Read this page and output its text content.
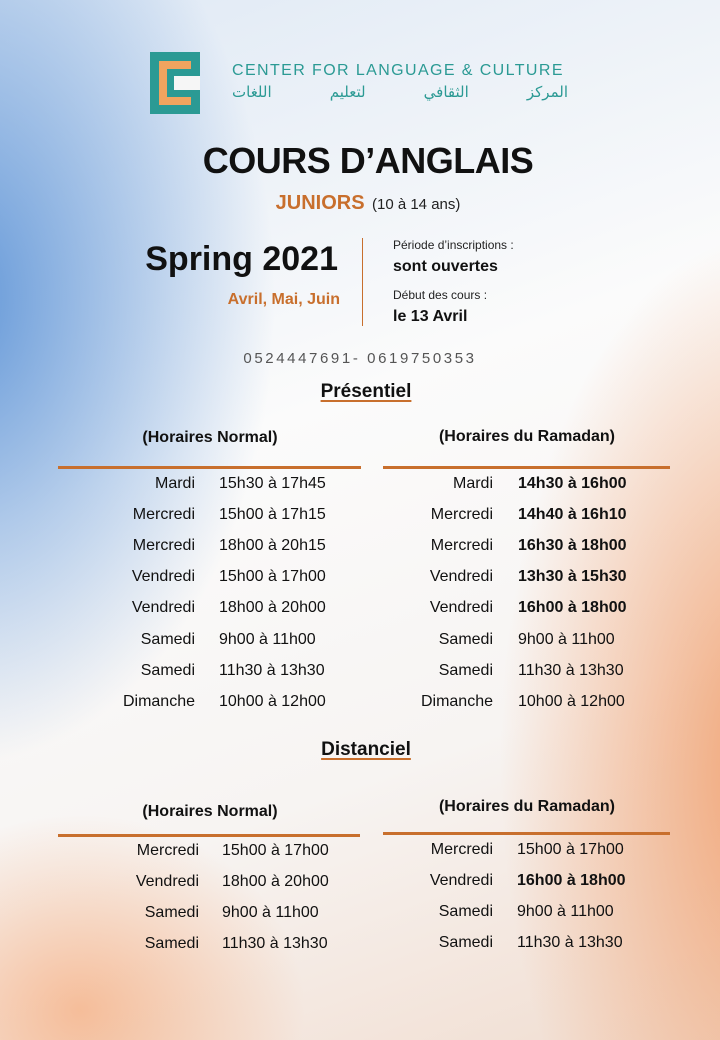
CENTER FOR LANGUAGE & CULTURE
المركز الثقافي لتعليم اللغات
COURS D’ANGLAIS
JUNIORS (10 à 14 ans)
Spring 2021
Avril, Mai, Juin
Période d’inscriptions :
sont ouvertes
Début des cours :
le 13 Avril
0524447691- 0619750353
Présentiel
(Horaires Normal)	(Horaires du Ramadan)
Mardi 15h30 à 17h45
Mercredi 15h00 à 17h15
Mercredi 18h00 à 20h15
Vendredi 15h00 à 17h00
Vendredi 18h00 à 20h00
Samedi 9h00 à 11h00
Samedi 11h30 à 13h30
Dimanche 10h00 à 12h00
Mardi 14h30 à 16h00
Mercredi 14h40 à 16h10
Mercredi 16h30 à 18h00
Vendredi 13h30 à 15h30
Vendredi 16h00 à 18h00
Samedi 9h00 à 11h00
Samedi 11h30 à 13h30
Dimanche 10h00 à 12h00
Distanciel
(Horaires Normal)	(Horaires du Ramadan)
Mercredi 15h00 à 17h00
Vendredi 18h00 à 20h00
Samedi 9h00 à 11h00
Samedi 11h30 à 13h30
Mercredi 15h00 à 17h00
Vendredi 16h00 à 18h00
Samedi 9h00 à 11h00
Samedi 11h30 à 13h30
